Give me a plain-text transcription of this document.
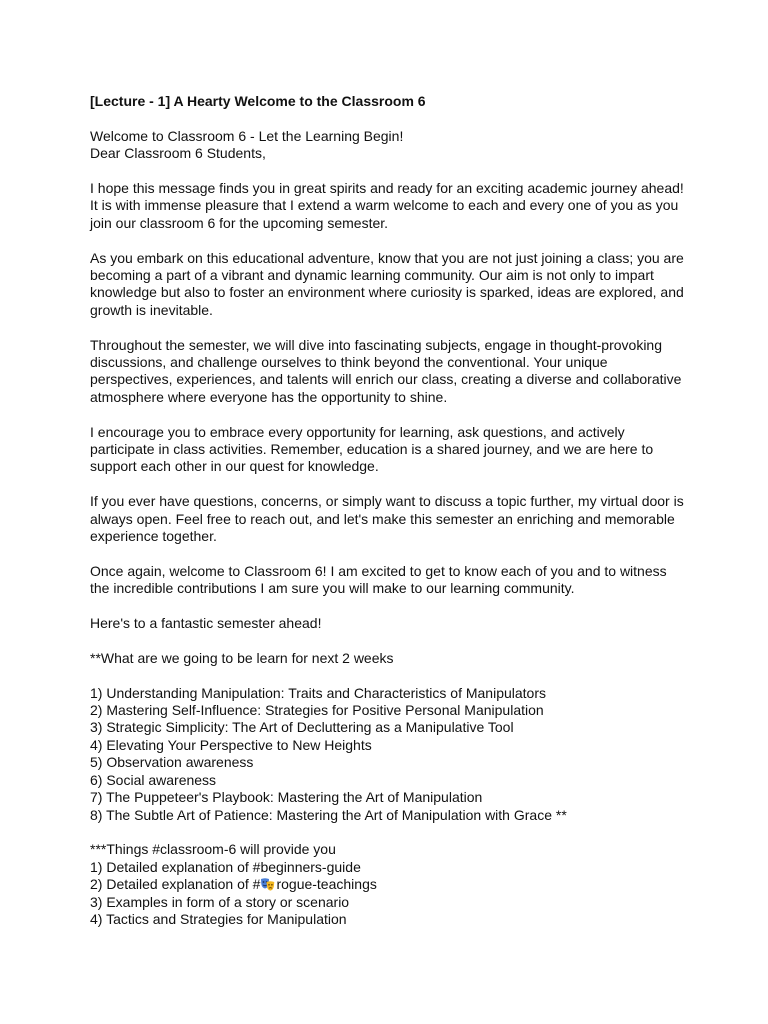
[Lecture - 1] A Hearty Welcome to the Classroom 6
Welcome to Classroom 6 - Let the Learning Begin!
Dear Classroom 6 Students,
I hope this message finds you in great spirits and ready for an exciting academic journey ahead!
It is with immense pleasure that I extend a warm welcome to each and every one of you as you
join our classroom 6 for the upcoming semester.
As you embark on this educational adventure, know that you are not just joining a class; you are
becoming a part of a vibrant and dynamic learning community. Our aim is not only to impart
knowledge but also to foster an environment where curiosity is sparked, ideas are explored, and
growth is inevitable.
Throughout the semester, we will dive into fascinating subjects, engage in thought-provoking
discussions, and challenge ourselves to think beyond the conventional. Your unique
perspectives, experiences, and talents will enrich our class, creating a diverse and collaborative
atmosphere where everyone has the opportunity to shine.
I encourage you to embrace every opportunity for learning, ask questions, and actively
participate in class activities. Remember, education is a shared journey, and we are here to
support each other in our quest for knowledge.
If you ever have questions, concerns, or simply want to discuss a topic further, my virtual door is
always open. Feel free to reach out, and let's make this semester an enriching and memorable
experience together.
Once again, welcome to Classroom 6! I am excited to get to know each of you and to witness
the incredible contributions I am sure you will make to our learning community.
Here's to a fantastic semester ahead!
**What are we going to be learn for next 2 weeks
1) Understanding Manipulation: Traits and Characteristics of Manipulators
2) Mastering Self-Influence: Strategies for Positive Personal Manipulation
3) Strategic Simplicity: The Art of Decluttering as a Manipulative Tool
4) Elevating Your Perspective to New Heights
5) Observation awareness
6) Social awareness
7) The Puppeteer's Playbook: Mastering the Art of Manipulation
8) The Subtle Art of Patience: Mastering the Art of Manipulation with Grace **
***Things #classroom-6 will provide you
1) Detailed explanation of #beginners-guide
2) Detailed explanation of # rogue-teachings
3) Examples in form of a story or scenario
4) Tactics and Strategies for Manipulation
